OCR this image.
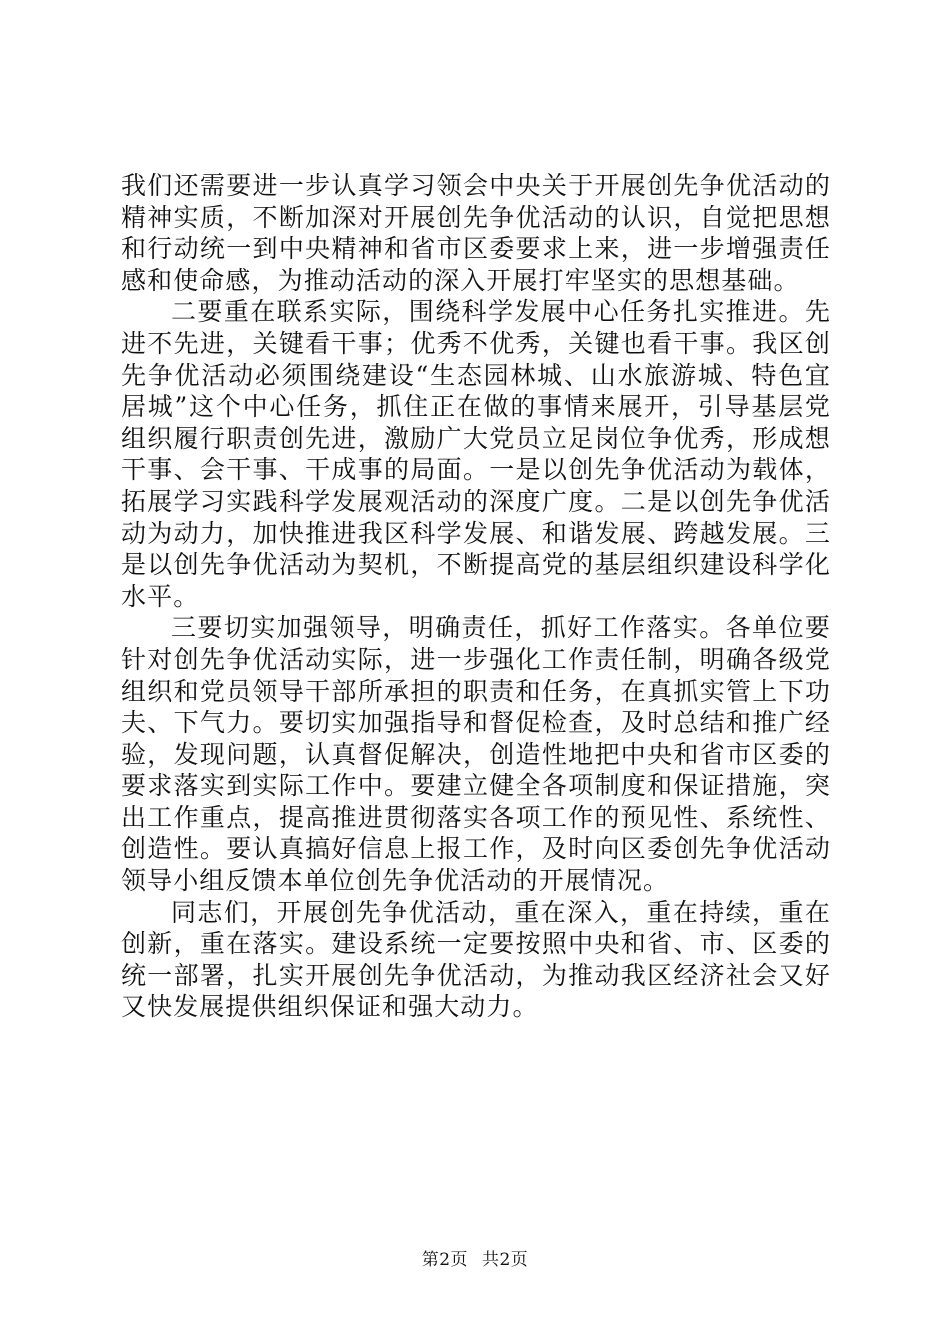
我们还需要进一步认真学习领会中央关于开展创先争优活动的精神实质，不断加深对开展创先争优活动的认识，自觉把思想和行动统一到中央精神和省市区委要求上来，进一步增强责任感和使命感，为推动活动的深入开展打牢坚实的思想基础。

二要重在联系实际，围绕科学发展中心任务扎实推进。先进不先进，关键看干事；优秀不优秀，关键也看干事。我区创先争优活动必须围绕建设“生态园林城、山水旅游城、特色宜居城”这个中心任务，抓住正在做的事情来展开，引导基层党组织履行职责创先进，激励广大党员立足岗位争优秀，形成想干事、会干事、干成事的局面。一是以创先争优活动为载体，拓展学习实践科学发展观活动的深度广度。二是以创先争优活动为动力，加快推进我区科学发展、和谐发展、跨越发展。三是以创先争优活动为契机，不断提高党的基层组织建设科学化水平。

三要切实加强领导，明确责任，抓好工作落实。各单位要针对创先争优活动实际，进一步强化工作责任制，明确各级党组织和党员领导干部所承担的职责和任务，在真抓实管上下功夫、下气力。要切实加强指导和督促检查，及时总结和推广经验，发现问题，认真督促解决，创造性地把中央和省市区委的要求落实到实际工作中。要建立健全各项制度和保证措施，突出工作重点，提高推进贯彻落实各项工作的预见性、系统性、创造性。要认真搞好信息上报工作，及时向区委创先争优活动领导小组反馈本单位创先争优活动的开展情况。

同志们，开展创先争优活动，重在深入，重在持续，重在创新，重在落实。建设系统一定要按照中央和省、市、区委的统一部署，扎实开展创先争优活动，为推动我区经济社会又好又快发展提供组织保证和强大动力。

第2页 共2页
